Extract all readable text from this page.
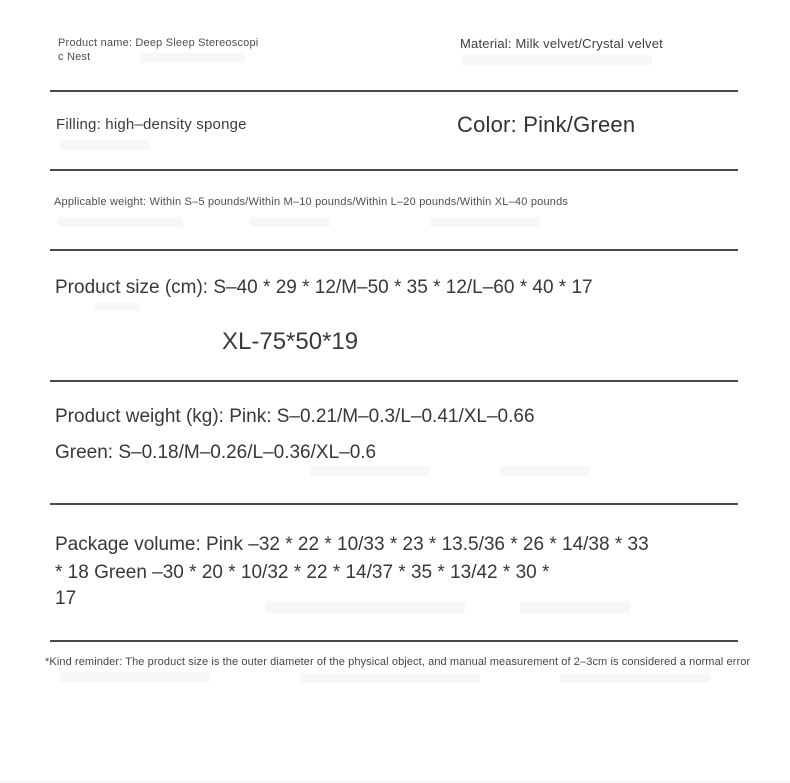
Product name: Deep Sleep Stereoscopi
c Nest
Material: Milk velvet/Crystal velvet
Filling: high–density sponge	Color: Pink/Green
Applicable weight: Within S–5 pounds/Within M–10 pounds/Within L–20 pounds/Within XL–40 pounds
Product size (cm): S–40 * 29 * 12/M–50 * 35 * 12/L–60 * 40 * 17
XL-75*50*19
Product weight (kg): Pink: S–0.21/M–0.3/L–0.41/XL–0.66
Green: S–0.18/M–0.26/L–0.36/XL–0.6
Package volume: Pink –32 * 22 * 10/33 * 23 * 13.5/36 * 26 * 14/38 * 33
* 18 Green –30 * 20 * 10/32 * 22 * 14/37 * 35 * 13/42 * 30 *
17
*Kind reminder: The product size is the outer diameter of the physical object, and manual measurement of 2–3cm is considered a normal error
